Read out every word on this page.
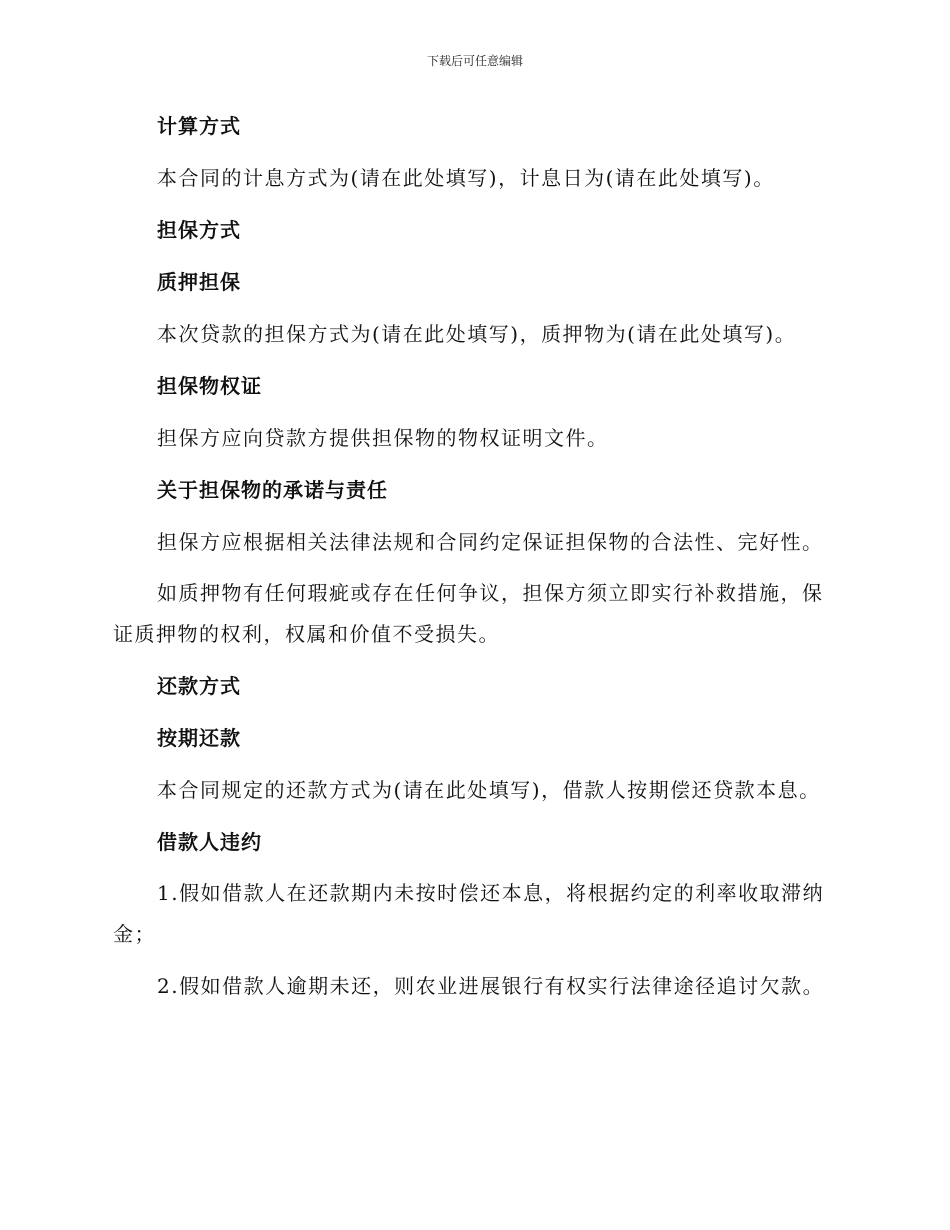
下载后可任意编辑
计算方式

本合同的计息方式为(请在此处填写)，计息日为(请在此处填写)。

担保方式
质押担保

本次贷款的担保方式为(请在此处填写)，质押物为(请在此处填写)。

担保物权证

担保方应向贷款方提供担保物的物权证明文件。

关于担保物的承诺与责任

担保方应根据相关法律法规和合同约定保证担保物的合法性、完好性。

如质押物有任何瑕疵或存在任何争议，担保方须立即实行补救措施，保证质押物的权利，权属和价值不受损失。

还款方式
按期还款

本合同规定的还款方式为(请在此处填写)，借款人按期偿还贷款本息。

借款人违约

1.假如借款人在还款期内未按时偿还本息，将根据约定的利率收取滞纳金；

2.假如借款人逾期未还，则农业进展银行有权实行法律途径追讨欠款。
